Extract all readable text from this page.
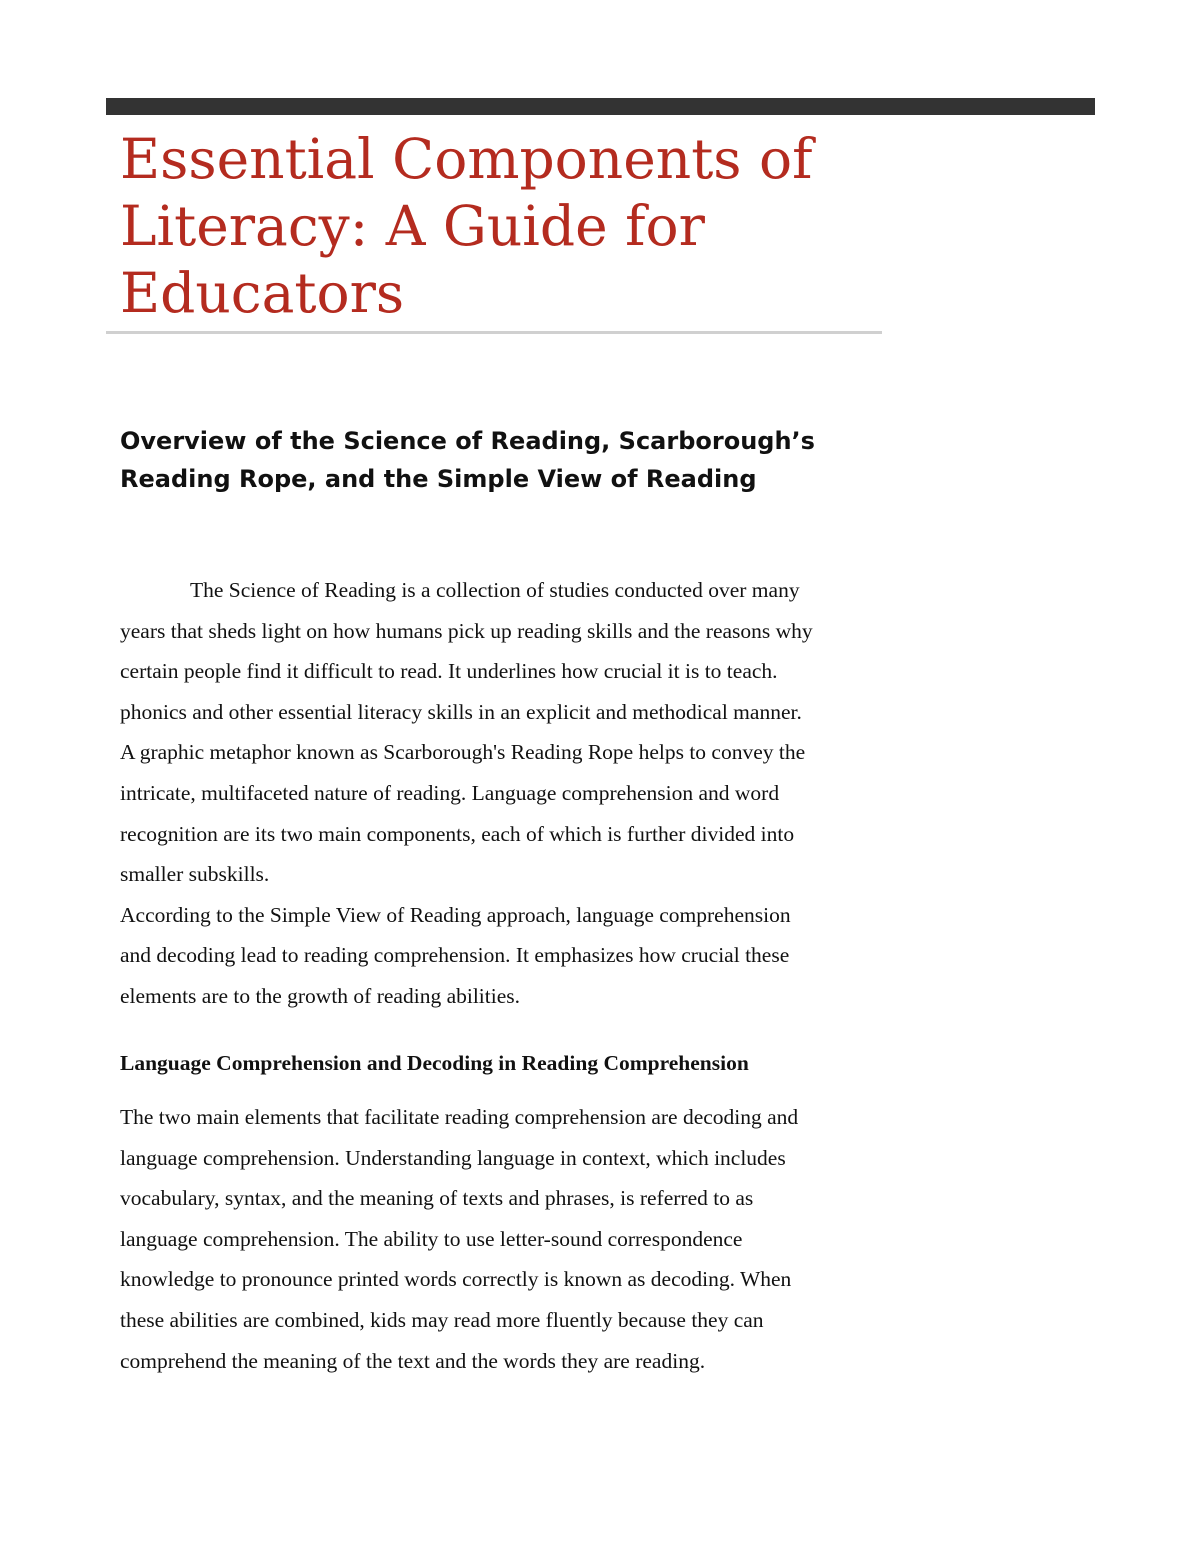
Essential Components of Literacy: A Guide for Educators
Overview of the Science of Reading, Scarborough’s Reading Rope, and the Simple View of Reading
The Science of Reading is a collection of studies conducted over many
years that sheds light on how humans pick up reading skills and the reasons why
certain people find it difficult to read. It underlines how crucial it is to teach.
phonics and other essential literacy skills in an explicit and methodical manner.
A graphic metaphor known as Scarborough's Reading Rope helps to convey the
intricate, multifaceted nature of reading. Language comprehension and word
recognition are its two main components, each of which is further divided into
smaller subskills.
According to the Simple View of Reading approach, language comprehension
and decoding lead to reading comprehension. It emphasizes how crucial these
elements are to the growth of reading abilities.
Language Comprehension and Decoding in Reading Comprehension
The two main elements that facilitate reading comprehension are decoding and
language comprehension. Understanding language in context, which includes
vocabulary, syntax, and the meaning of texts and phrases, is referred to as
language comprehension. The ability to use letter-sound correspondence
knowledge to pronounce printed words correctly is known as decoding. When
these abilities are combined, kids may read more fluently because they can
comprehend the meaning of the text and the words they are reading.
